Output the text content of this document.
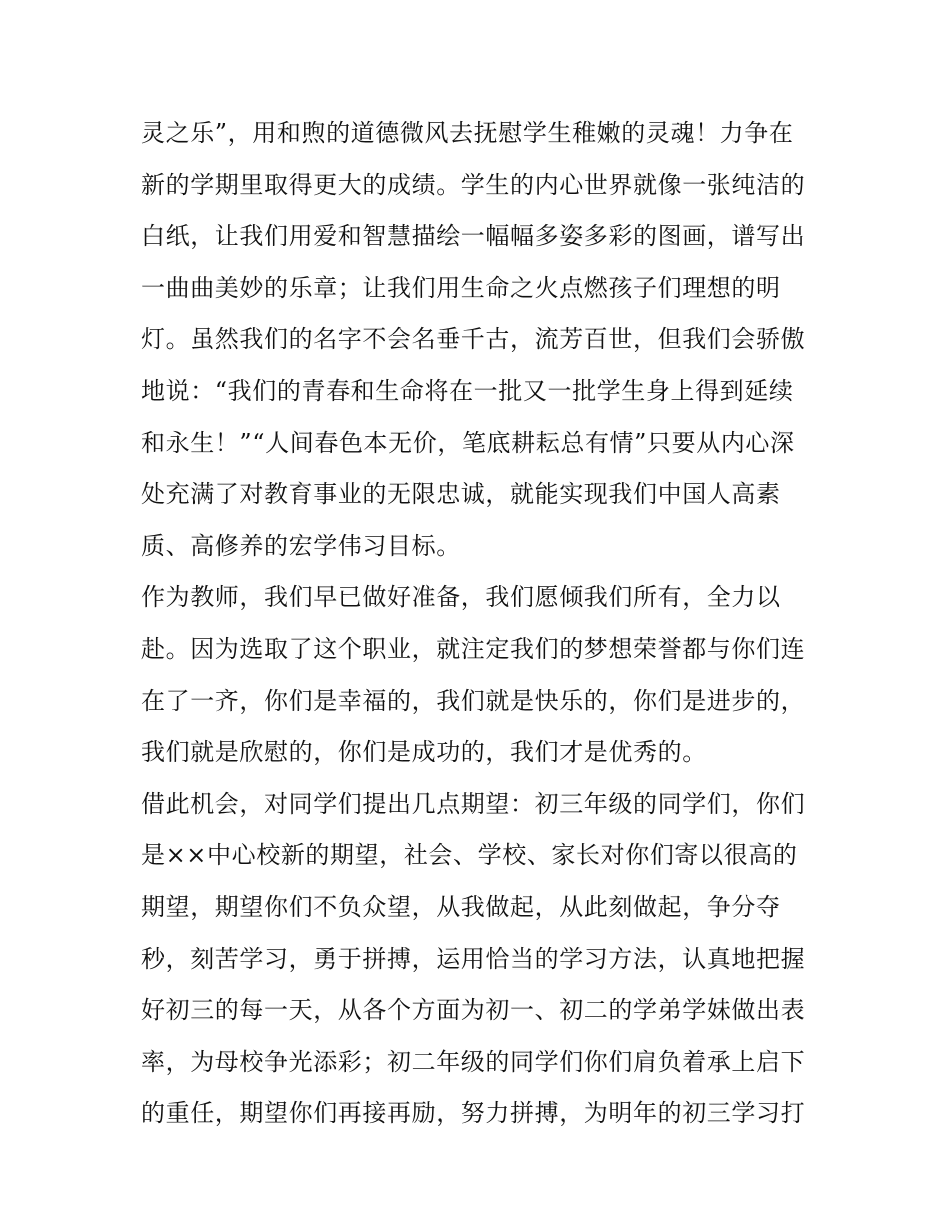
灵之乐”，用和煦的道德微风去抚慰学生稚嫩的灵魂！力争在
新的学期里取得更大的成绩。学生的内心世界就像一张纯洁的
白纸，让我们用爱和智慧描绘一幅幅多姿多彩的图画，谱写出
一曲曲美妙的乐章；让我们用生命之火点燃孩子们理想的明
灯。虽然我们的名字不会名垂千古，流芳百世，但我们会骄傲
地说：“我们的青春和生命将在一批又一批学生身上得到延续
和永生！”“人间春色本无价，笔底耕耘总有情”只要从内心深
处充满了对教育事业的无限忠诚，就能实现我们中国人高素
质、高修养的宏学伟习目标。
作为教师，我们早已做好准备，我们愿倾我们所有，全力以
赴。因为选取了这个职业，就注定我们的梦想荣誉都与你们连
在了一齐，你们是幸福的，我们就是快乐的，你们是进步的，
我们就是欣慰的，你们是成功的，我们才是优秀的。
借此机会，对同学们提出几点期望：初三年级的同学们，你们
是××中心校新的期望，社会、学校、家长对你们寄以很高的
期望，期望你们不负众望，从我做起，从此刻做起，争分夺
秒，刻苦学习，勇于拼搏，运用恰当的学习方法，认真地把握
好初三的每一天，从各个方面为初一、初二的学弟学妹做出表
率，为母校争光添彩；初二年级的同学们你们肩负着承上启下
的重任，期望你们再接再励，努力拼搏，为明年的初三学习打
